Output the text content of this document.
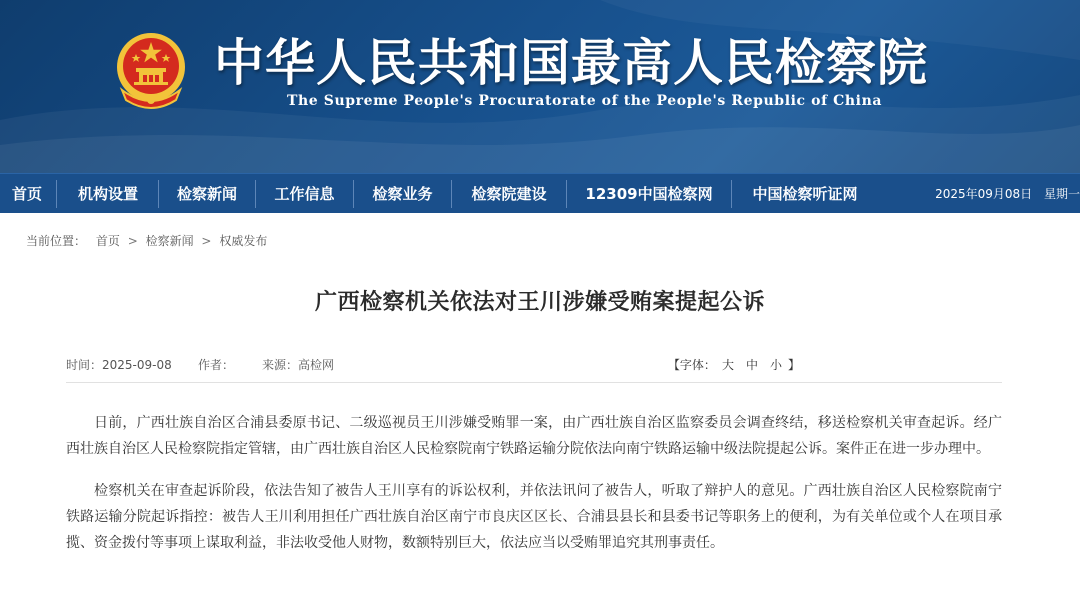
中华人民共和国最高人民检察院
The Supreme People's Procuratorate of the People's Republic of China
首页	机构设置	检察新闻	工作信息	检察业务	检察院建设	12309中国检察网	中国检察听证网	2025年09月08日 星期一
当前位置： 首页 > 检察新闻 > 权威发布
广西检察机关依法对王川涉嫌受贿案提起公诉
时间：2025-09-08 作者： 来源：高检网	【字体： 大 中 小 】

日前，广西壮族自治区合浦县委原书记、二级巡视员王川涉嫌受贿罪一案，由广西壮族自治区监察委员会调查终结，移送检察机关审查起诉。经广西壮族自治区人民检察院指定管辖，由广西壮族自治区人民检察院南宁铁路运输分院依法向南宁铁路运输中级法院提起公诉。案件正在进一步办理中。

检察机关在审查起诉阶段，依法告知了被告人王川享有的诉讼权利，并依法讯问了被告人，听取了辩护人的意见。广西壮族自治区人民检察院南宁铁路运输分院起诉指控：被告人王川利用担任广西壮族自治区南宁市良庆区区长、合浦县县长和县委书记等职务上的便利，为有关单位或个人在项目承揽、资金拨付等事项上谋取利益，非法收受他人财物，数额特别巨大，依法应当以受贿罪追究其刑事责任。
